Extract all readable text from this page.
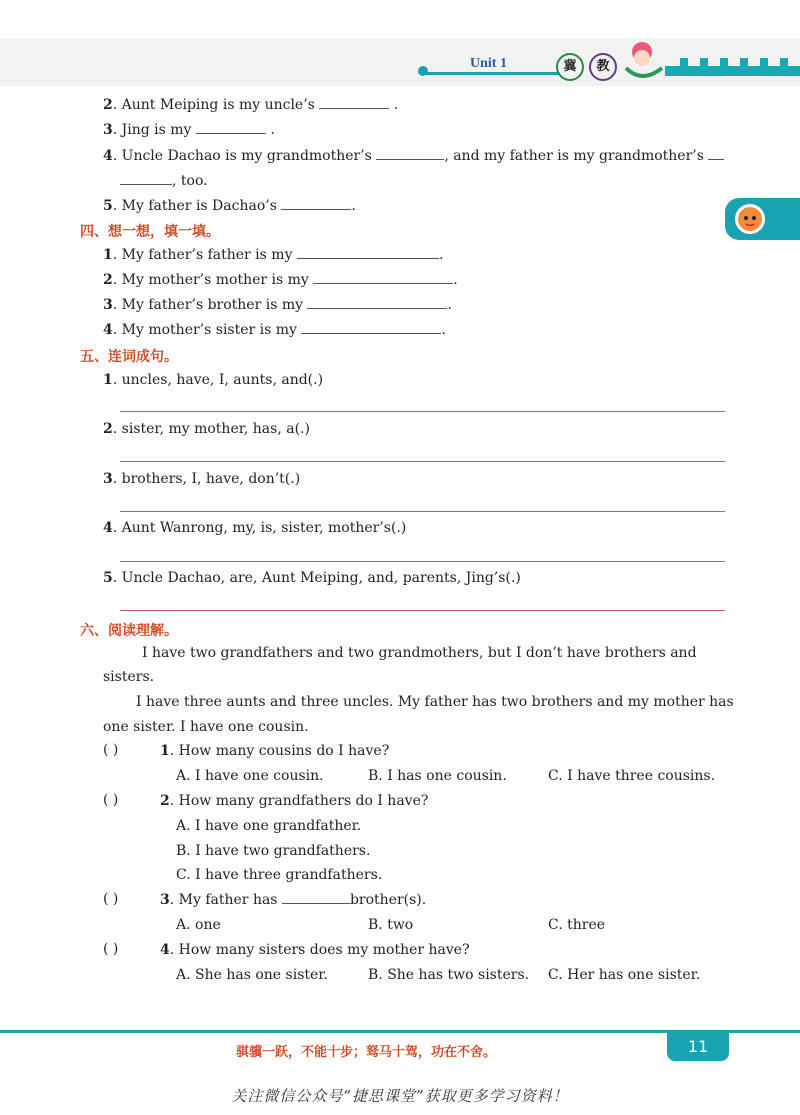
Unit 1	冀	教
2. Aunt Meiping is my uncle’s	.
3. Jing is my	.
4. Uncle Dachao is my grandmother’s	, and my father is my grandmother’s
, too.
5. My father is Dachao’s	.
四、想一想，填一填。
1. My father’s father is my	.
2. My mother’s mother is my	.
3. My father’s brother is my	.
4. My mother’s sister is my	.
五、连词成句。
1. uncles, have, I, aunts, and(.)
2. sister, my mother, has, a(.)
3. brothers, I, have, don’t(.)
4. Aunt Wanrong, my, is, sister, mother’s(.)
5. Uncle Dachao, are, Aunt Meiping, and, parents, Jing’s(.)
六、阅读理解。
I have two grandfathers and two grandmothers, but I don’t have brothers and
sisters.
I have three aunts and three uncles. My father has two brothers and my mother has
one sister. I have one cousin.
( )	1. How many cousins do I have?
A. I have one cousin.	B. I has one cousin.	C. I have three cousins.
( )	2. How many grandfathers do I have?
A. I have one grandfather.
B. I have two grandfathers.
C. I have three grandfathers.
( )	3. My father has	brother(s).
A. one	B. two	C. three
( )	4. How many sisters does my mother have?
A. She has one sister.	B. She has two sisters. C. Her has one sister.
骐骥一跃，不能十步；驽马十驾，功在不舍。	11
关注微信公众号“捷思课堂”获取更多学习资料！
